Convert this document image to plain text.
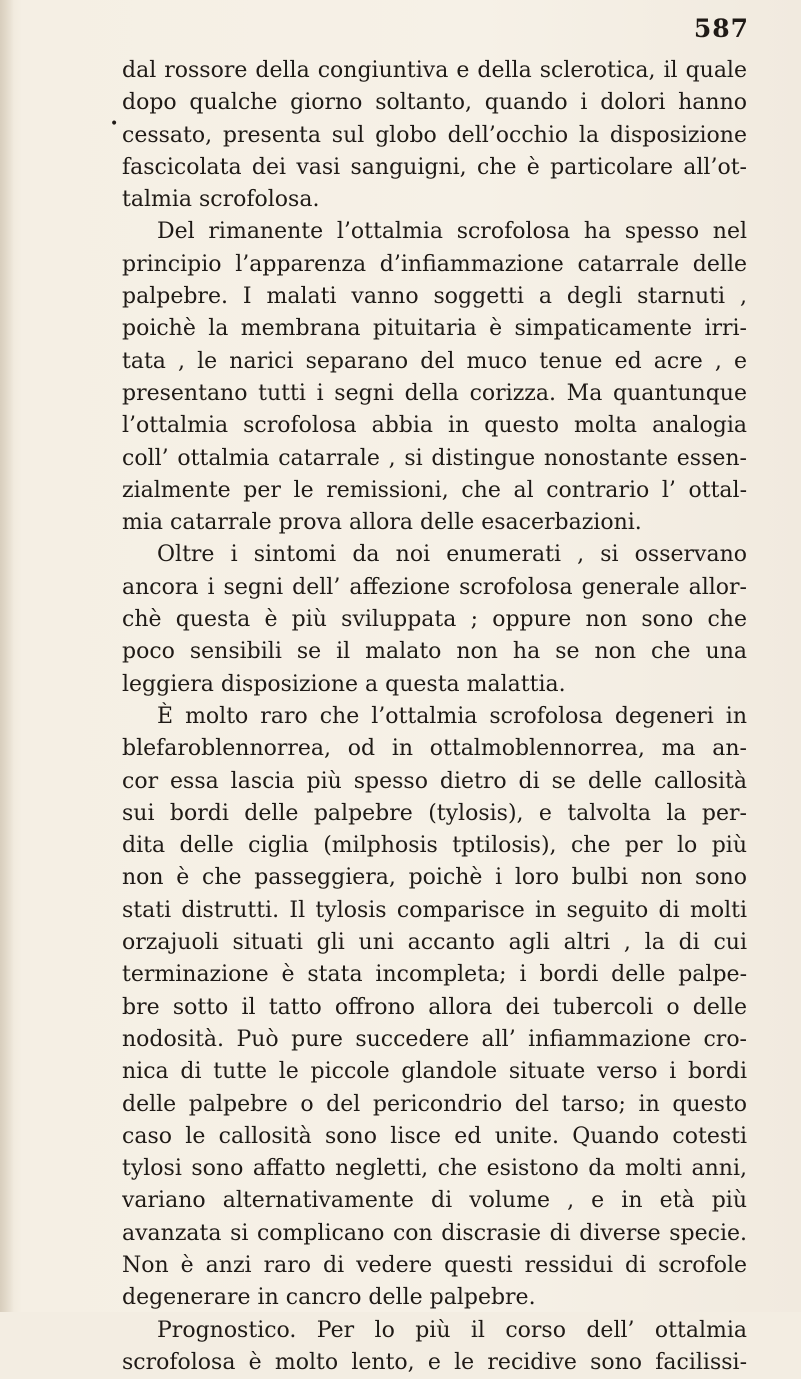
587
•
dal rossore della congiuntiva e della sclerotica, il quale
dopo qualche giorno soltanto, quando i dolori hanno
cessato, presenta sul globo dell’occhio la disposizione
fascicolata dei vasi sanguigni, che è particolare all’ot-
talmia scrofolosa.
Del rimanente l’ottalmia scrofolosa ha spesso nel
principio l’apparenza d’infiammazione catarrale delle
palpebre. I malati vanno soggetti a degli starnuti ,
poichè la membrana pituitaria è simpaticamente irri-
tata , le narici separano del muco tenue ed acre , e
presentano tutti i segni della corizza. Ma quantunque
l’ottalmia scrofolosa abbia in questo molta analogia
coll’ ottalmia catarrale , si distingue nonostante essen-
zialmente per le remissioni, che al contrario l’ ottal-
mia catarrale prova allora delle esacerbazioni.
Oltre i sintomi da noi enumerati , si osservano
ancora i segni dell’ affezione scrofolosa generale allor-
chè questa è più sviluppata ; oppure non sono che
poco sensibili se il malato non ha se non che una
leggiera disposizione a questa malattia.
È molto raro che l’ottalmia scrofolosa degeneri in
blefaroblennorrea, od in ottalmoblennorrea, ma an-
cor essa lascia più spesso dietro di se delle callosità
sui bordi delle palpebre (tylosis), e talvolta la per-
dita delle ciglia (milphosis tptilosis), che per lo più
non è che passeggiera, poichè i loro bulbi non sono
stati distrutti. Il tylosis comparisce in seguito di molti
orzajuoli situati gli uni accanto agli altri , la di cui
terminazione è stata incompleta; i bordi delle palpe-
bre sotto il tatto offrono allora dei tubercoli o delle
nodosità. Può pure succedere all’ infiammazione cro-
nica di tutte le piccole glandole situate verso i bordi
delle palpebre o del pericondrio del tarso; in questo
caso le callosità sono lisce ed unite. Quando cotesti
tylosi sono affatto negletti, che esistono da molti anni,
variano alternativamente di volume , e in età più
avanzata si complicano con discrasie di diverse specie.
Non è anzi raro di vedere questi ressidui di scrofole
degenerare in cancro delle palpebre.
Prognostico. Per lo più il corso dell’ ottalmia
scrofolosa è molto lento, e le recidive sono facilissi-
